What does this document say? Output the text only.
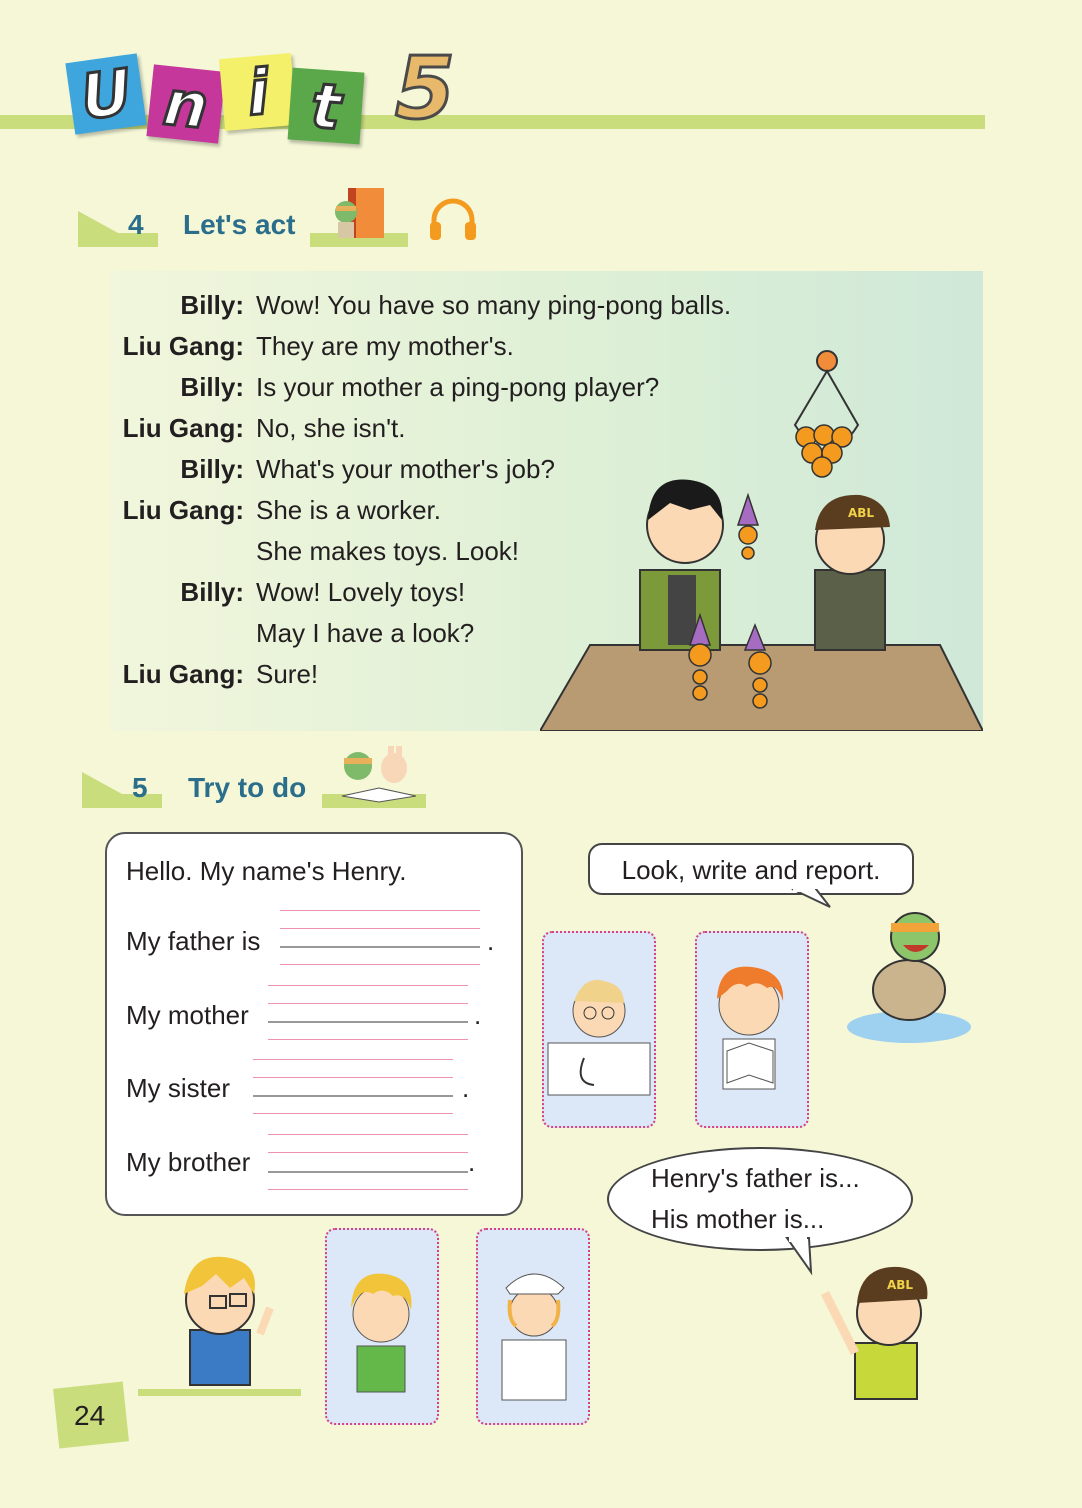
U n i t 5
4 Let's act
Billy: Wow! You have so many ping-pong balls.
Liu Gang: They are my mother's.
Billy: Is your mother a ping-pong player?
Liu Gang: No, she isn't.
Billy: What's your mother's job?
Liu Gang: She is a worker.
She makes toys. Look!
Billy: Wow! Lovely toys!
May I have a look?
Liu Gang: Sure!
ABL
5 Try to do
Hello. My name's Henry.
My father is	.
My mother	.
My sister	.
My brother	.
Look, write and report.
Henry's father is...
His mother is...
ABL
24
